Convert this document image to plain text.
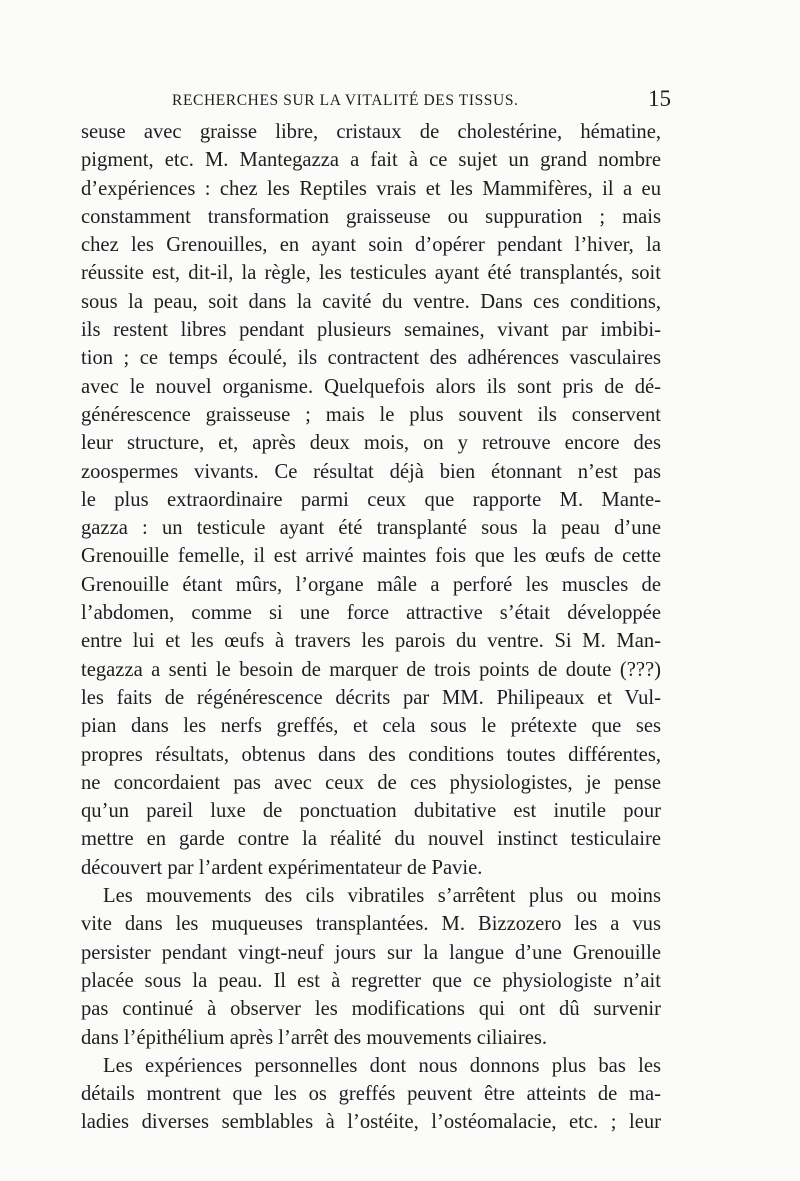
RECHERCHES SUR LA VITALITÉ DES TISSUS.	15
seuse avec graisse libre, cristaux de cholestérine, hématine,
pigment, etc. M. Mantegazza a fait à ce sujet un grand nombre
d’expériences : chez les Reptiles vrais et les Mammifères, il a eu
constamment transformation graisseuse ou suppuration ; mais
chez les Grenouilles, en ayant soin d’opérer pendant l’hiver, la
réussite est, dit-il, la règle, les testicules ayant été transplantés, soit
sous la peau, soit dans la cavité du ventre. Dans ces conditions,
ils restent libres pendant plusieurs semaines, vivant par imbibi-
tion ; ce temps écoulé, ils contractent des adhérences vasculaires
avec le nouvel organisme. Quelquefois alors ils sont pris de dé-
générescence graisseuse ; mais le plus souvent ils conservent
leur structure, et, après deux mois, on y retrouve encore des
zoospermes vivants. Ce résultat déjà bien étonnant n’est pas
le plus extraordinaire parmi ceux que rapporte M. Mante-
gazza : un testicule ayant été transplanté sous la peau d’une
Grenouille femelle, il est arrivé maintes fois que les œufs de cette
Grenouille étant mûrs, l’organe mâle a perforé les muscles de
l’abdomen, comme si une force attractive s’était développée
entre lui et les œufs à travers les parois du ventre. Si M. Man-
tegazza a senti le besoin de marquer de trois points de doute (???)
les faits de régénérescence décrits par MM. Philipeaux et Vul-
pian dans les nerfs greffés, et cela sous le prétexte que ses
propres résultats, obtenus dans des conditions toutes différentes,
ne concordaient pas avec ceux de ces physiologistes, je pense
qu’un pareil luxe de ponctuation dubitative est inutile pour
mettre en garde contre la réalité du nouvel instinct testiculaire
découvert par l’ardent expérimentateur de Pavie.
Les mouvements des cils vibratiles s’arrêtent plus ou moins
vite dans les muqueuses transplantées. M. Bizzozero les a vus
persister pendant vingt-neuf jours sur la langue d’une Grenouille
placée sous la peau. Il est à regretter que ce physiologiste n’ait
pas continué à observer les modifications qui ont dû survenir
dans l’épithélium après l’arrêt des mouvements ciliaires.
Les expériences personnelles dont nous donnons plus bas les
détails montrent que les os greffés peuvent être atteints de ma-
ladies diverses semblables à l’ostéite, l’ostéomalacie, etc. ; leur
